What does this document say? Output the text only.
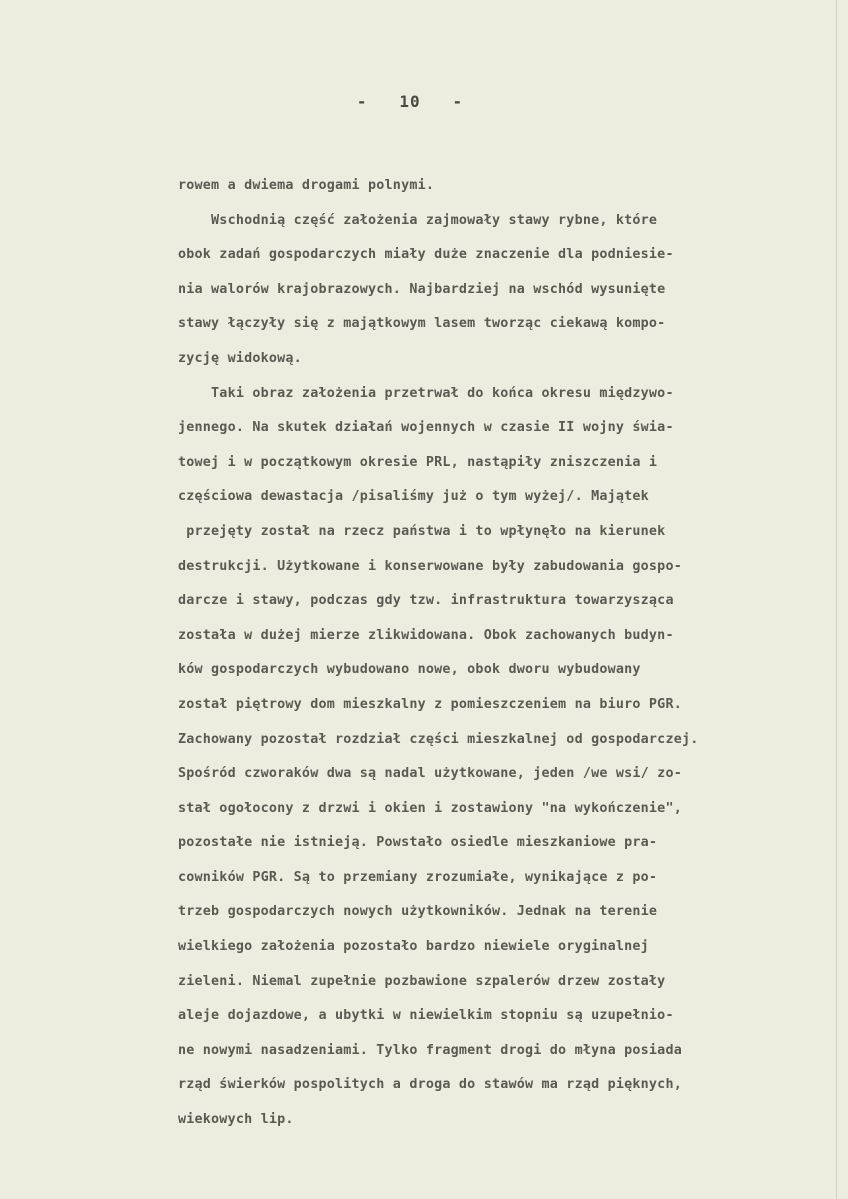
-   10   -
rowem a dwiema drogami polnymi.
Wschodnią część założenia zajmowały stawy rybne, które
obok zadań gospodarczych miały duże znaczenie dla podniesie-
nia walorów krajobrazowych. Najbardziej na wschód wysunięte
stawy łączyły się z majątkowym lasem tworząc ciekawą kompo-
zycję widokową.
Taki obraz założenia przetrwał do końca okresu międzywo-
jennego. Na skutek działań wojennych w czasie II wojny świa-
towej i w początkowym okresie PRL, nastąpiły zniszczenia i
częściowa dewastacja /pisaliśmy już o tym wyżej/. Majątek
przejęty został na rzecz państwa i to wpłynęło na kierunek
destrukcji. Użytkowane i konserwowane były zabudowania gospo-
darcze i stawy, podczas gdy tzw. infrastruktura towarzysząca
została w dużej mierze zlikwidowana. Obok zachowanych budyn-
ków gospodarczych wybudowano nowe, obok dworu wybudowany
został piętrowy dom mieszkalny z pomieszczeniem na biuro PGR.
Zachowany pozostał rozdział części mieszkalnej od gospodarczej.
Spośród czworaków dwa są nadal użytkowane, jeden /we wsi/ zo-
stał ogołocony z drzwi i okien i zostawiony "na wykończenie",
pozostałe nie istnieją. Powstało osiedle mieszkaniowe pra-
cowników PGR. Są to przemiany zrozumiałe, wynikające z po-
trzeb gospodarczych nowych użytkowników. Jednak na terenie
wielkiego założenia pozostało bardzo niewiele oryginalnej
zieleni. Niemal zupełnie pozbawione szpalerów drzew zostały
aleje dojazdowe, a ubytki w niewielkim stopniu są uzupełnio-
ne nowymi nasadzeniami. Tylko fragment drogi do młyna posiada
rząd świerków pospolitych a droga do stawów ma rząd pięknych,
wiekowych lip.
